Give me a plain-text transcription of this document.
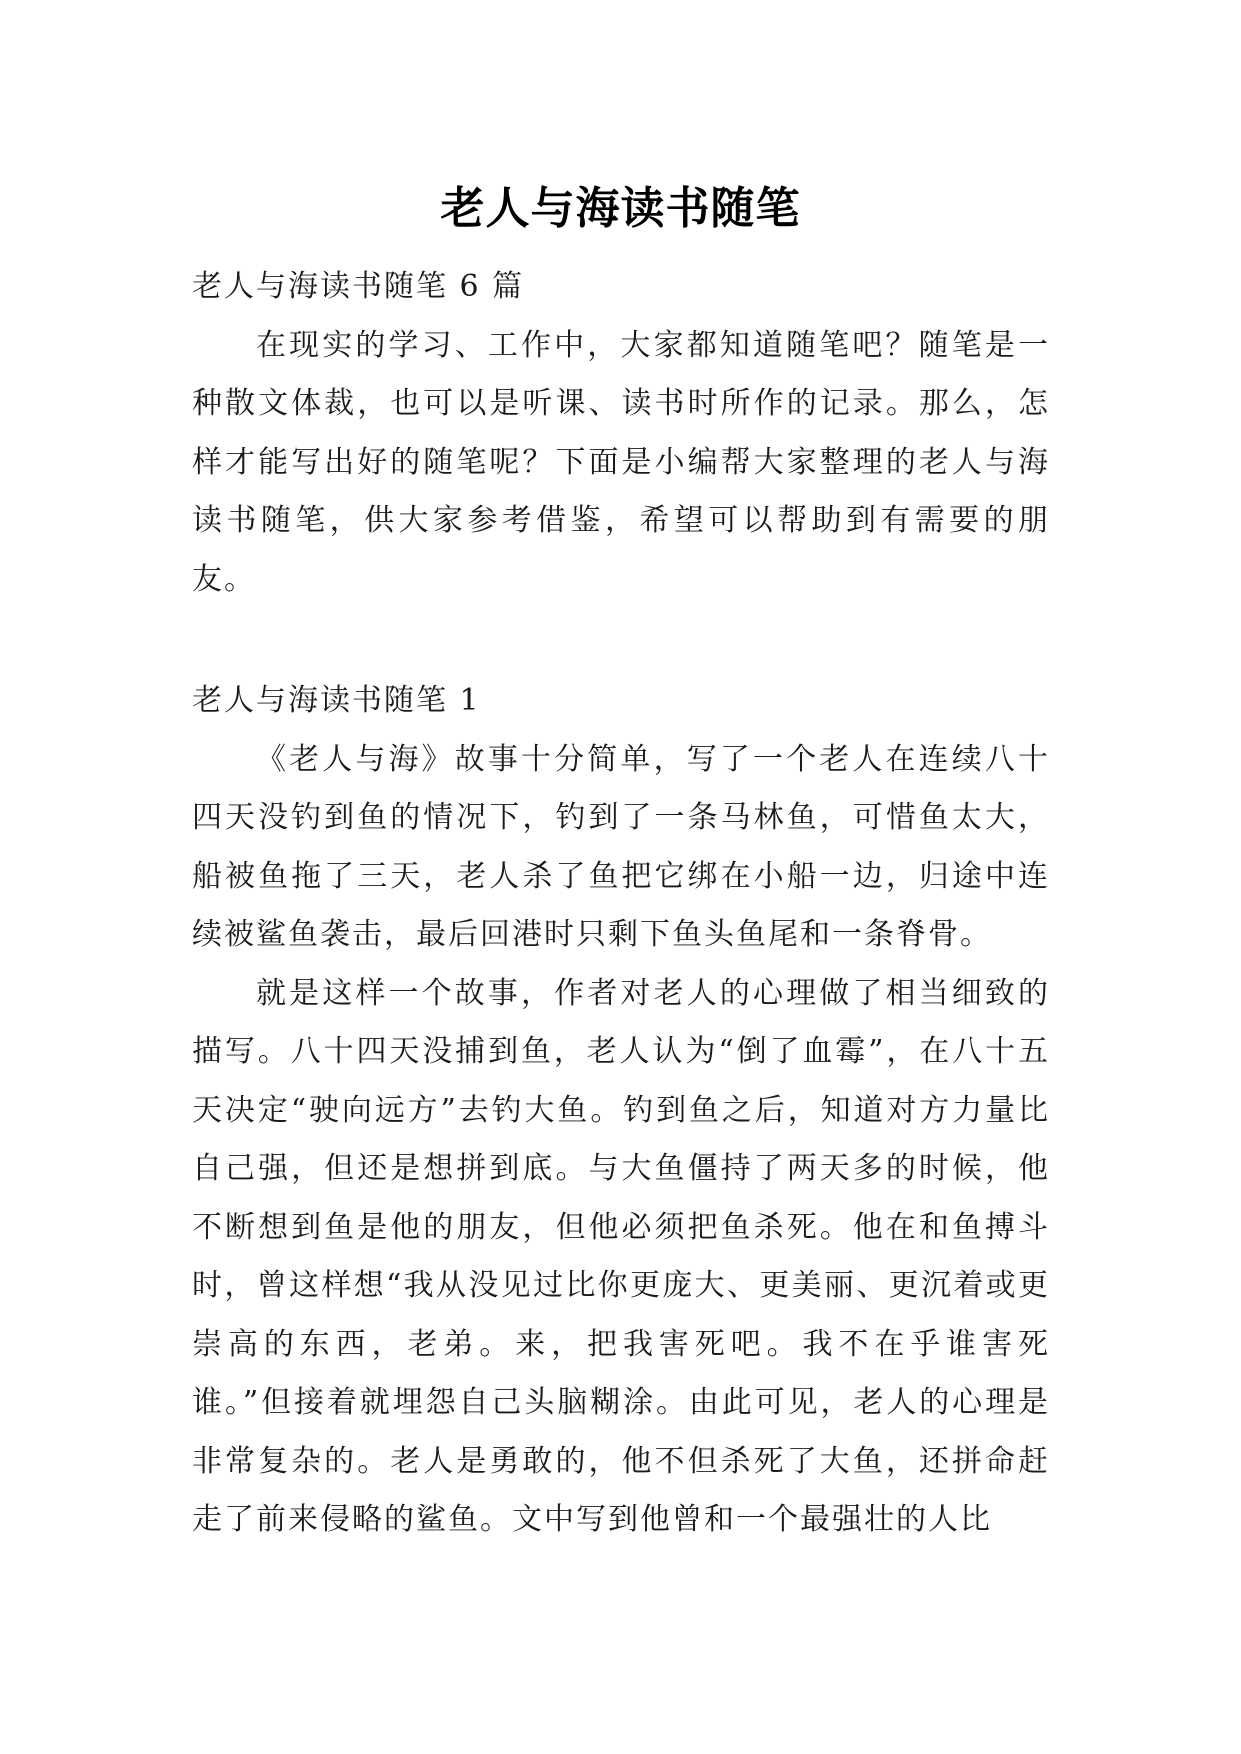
老人与海读书随笔

老人与海读书随笔 6 篇

在现实的学习、工作中，大家都知道随笔吧？随笔是一种散文体裁，也可以是听课、读书时所作的记录。那么，怎样才能写出好的随笔呢？下面是小编帮大家整理的老人与海读书随笔，供大家参考借鉴，希望可以帮助到有需要的朋友。

老人与海读书随笔 1

《老人与海》故事十分简单，写了一个老人在连续八十四天没钓到鱼的情况下，钓到了一条马林鱼，可惜鱼太大，船被鱼拖了三天，老人杀了鱼把它绑在小船一边，归途中连续被鲨鱼袭击，最后回港时只剩下鱼头鱼尾和一条脊骨。

就是这样一个故事，作者对老人的心理做了相当细致的描写。八十四天没捕到鱼，老人认为“倒了血霉”，在八十五天决定“驶向远方”去钓大鱼。钓到鱼之后，知道对方力量比自己强，但还是想拼到底。与大鱼僵持了两天多的时候，他不断想到鱼是他的朋友，但他必须把鱼杀死。他在和鱼搏斗时，曾这样想“我从没见过比你更庞大、更美丽、更沉着或更崇高的东西，老弟。来，把我害死吧。我不在乎谁害死谁。”但接着就埋怨自己头脑糊涂。由此可见，老人的心理是非常复杂的。老人是勇敢的，他不但杀死了大鱼，还拼命赶走了前来侵略的鲨鱼。文中写到他曾和一个最强壮的人比
